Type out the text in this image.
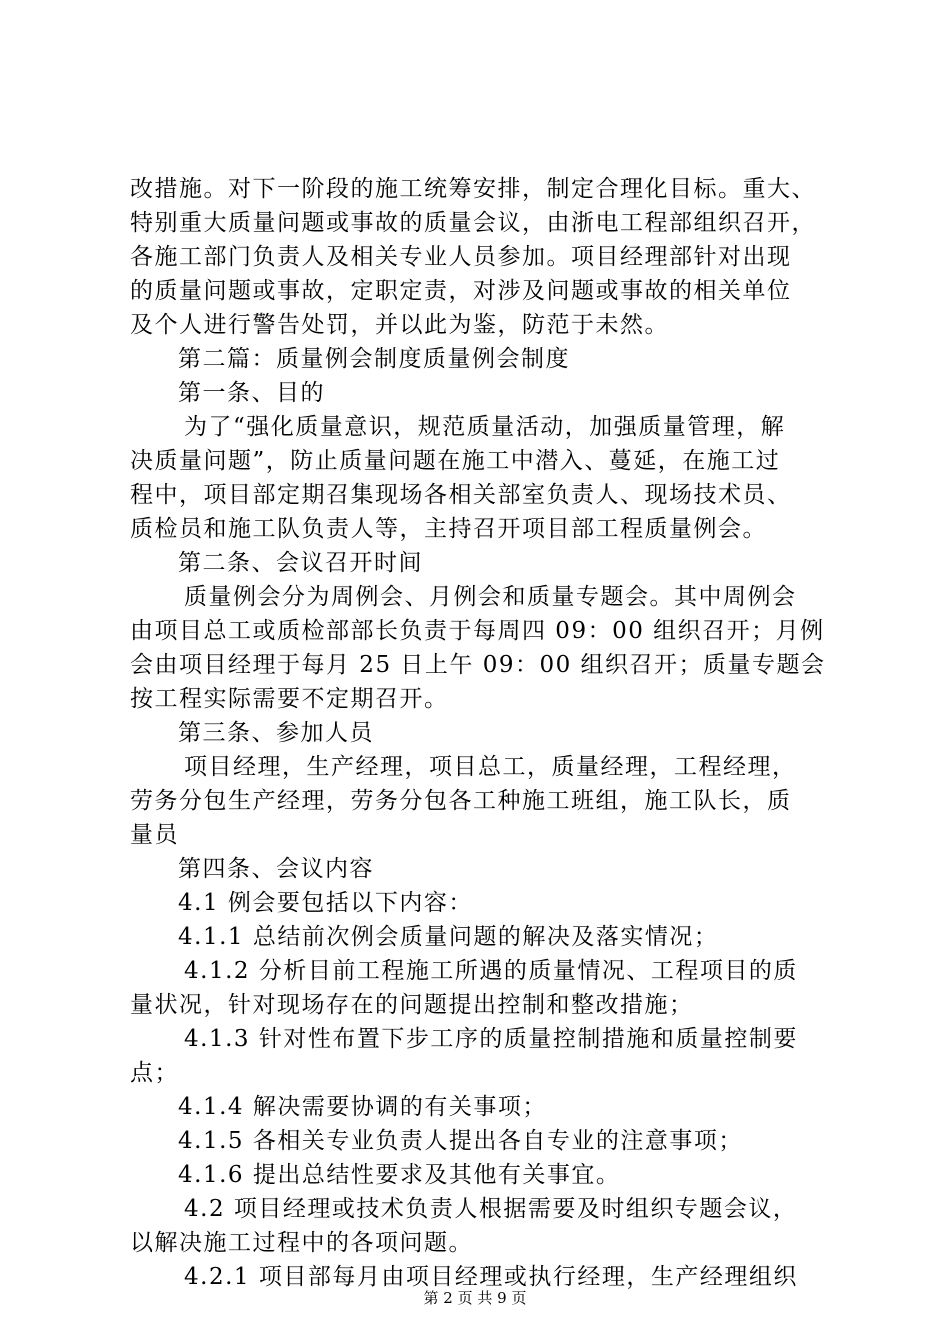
改措施。对下一阶段的施工统筹安排，制定合理化目标。重大、
特别重大质量问题或事故的质量会议，由浙电工程部组织召开，
各施工部门负责人及相关专业人员参加。项目经理部针对出现
的质量问题或事故，定职定责，对涉及问题或事故的相关单位
及个人进行警告处罚，并以此为鉴，防范于未然。
第二篇：质量例会制度质量例会制度
第一条、目的
为了“强化质量意识，规范质量活动，加强质量管理，解
决质量问题”，防止质量问题在施工中潜入、蔓延，在施工过
程中，项目部定期召集现场各相关部室负责人、现场技术员、
质检员和施工队负责人等，主持召开项目部工程质量例会。
第二条、会议召开时间
质量例会分为周例会、月例会和质量专题会。其中周例会
由项目总工或质检部部长负责于每周四 09：00 组织召开；月例
会由项目经理于每月 25 日上午 09：00 组织召开；质量专题会
按工程实际需要不定期召开。
第三条、参加人员
项目经理，生产经理，项目总工，质量经理，工程经理，
劳务分包生产经理，劳务分包各工种施工班组，施工队长，质
量员
第四条、会议内容
4.1 例会要包括以下内容：
4.1.1 总结前次例会质量问题的解决及落实情况；
4.1.2 分析目前工程施工所遇的质量情况、工程项目的质
量状况，针对现场存在的问题提出控制和整改措施；
4.1.3 针对性布置下步工序的质量控制措施和质量控制要
点；
4.1.4 解决需要协调的有关事项；
4.1.5 各相关专业负责人提出各自专业的注意事项；
4.1.6 提出总结性要求及其他有关事宜。
4.2 项目经理或技术负责人根据需要及时组织专题会议，
以解决施工过程中的各项问题。
4.2.1 项目部每月由项目经理或执行经理，生产经理组织
第 2 页 共 9 页
